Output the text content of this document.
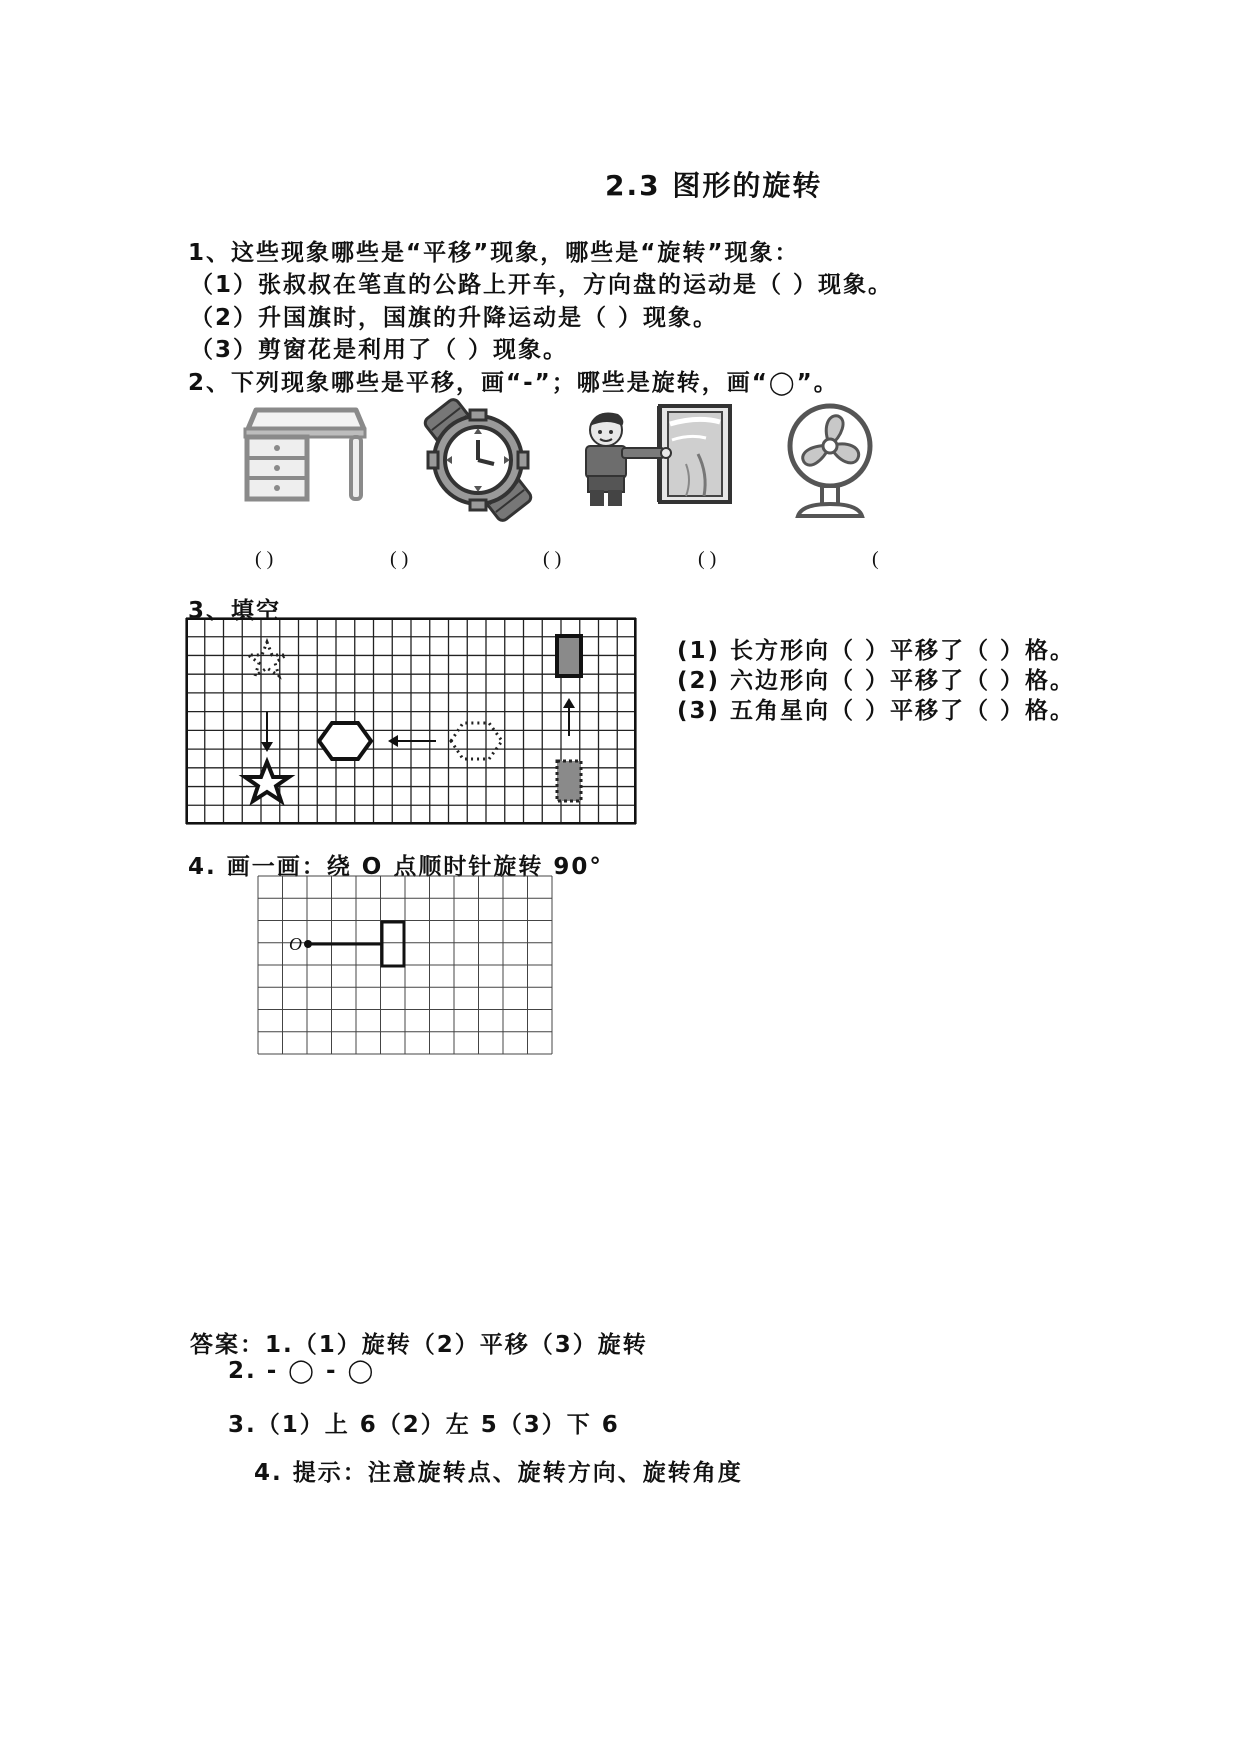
2.3 图形的旋转
1、这些现象哪些是“平移”现象，哪些是“旋转”现象：
（1）张叔叔在笔直的公路上开车，方向盘的运动是（ ）现象。
（2）升国旗时，国旗的升降运动是（ ）现象。
（3）剪窗花是利用了（ ）现象。
2、下列现象哪些是平移，画“-”；哪些是旋转，画“◯”。
( )	( )	( )	( )	(
3、填空
(1) 长方形向（ ）平移了（ ）格。
(2) 六边形向（ ）平移了（ ）格。
(3) 五角星向（ ）平移了（ ）格。
4. 画一画：绕 O 点顺时针旋转 90°
O
答案：1.（1）旋转（2）平移（3）旋转
2. - ◯ - ◯
3.（1）上 6（2）左 5（3）下 6
4. 提示：注意旋转点、旋转方向、旋转角度
